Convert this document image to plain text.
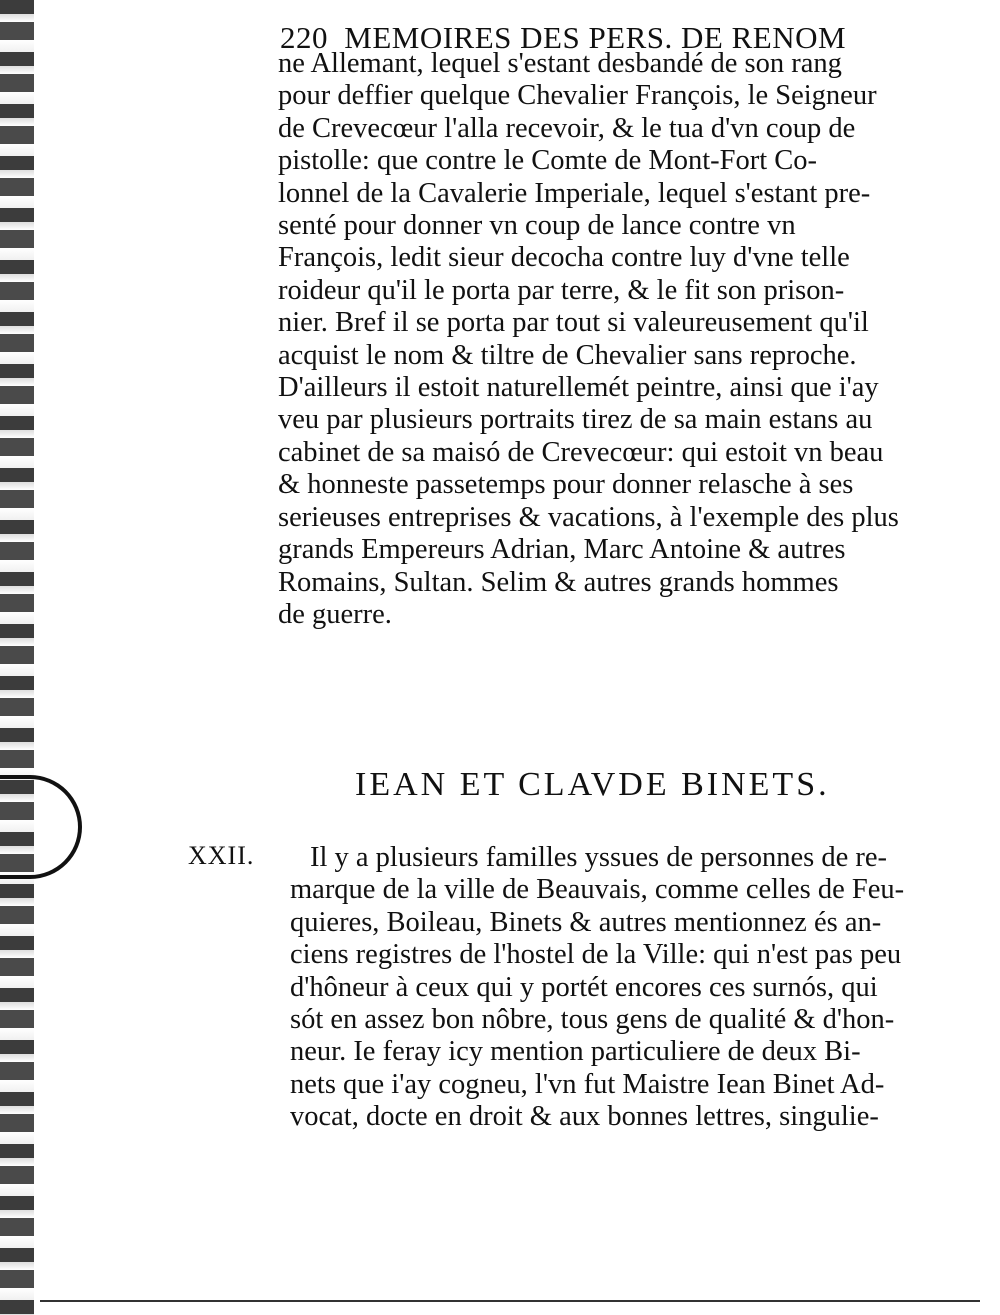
220 MEMOIRES DES PERS. DE RENOM
ne Allemant, lequel s'estant desbandé de son rang
pour deffier quelque Chevalier François, le Seigneur
de Crevecœur l'alla recevoir, & le tua d'vn coup de
pistolle: que contre le Comte de Mont-Fort Co-
lonnel de la Cavalerie Imperiale, lequel s'estant pre-
senté pour donner vn coup de lance contre vn
François, ledit sieur decocha contre luy d'vne telle
roideur qu'il le porta par terre, & le fit son prison-
nier. Bref il se porta par tout si valeureusement qu'il
acquist le nom & tiltre de Chevalier sans reproche.
D'ailleurs il estoit naturellemét peintre, ainsi que i'ay
veu par plusieurs portraits tirez de sa main estans au
cabinet de sa maisó de Crevecœur: qui estoit vn beau
& honneste passetemps pour donner relasche à ses
serieuses entreprises & vacations, à l'exemple des plus
grands Empereurs Adrian, Marc Antoine & autres
Romains, Sultan. Selim & autres grands hommes
de guerre.
IEAN ET CLAVDE BINETS.
XXII.	Il y a plusieurs familles yssues de personnes de re-
marque de la ville de Beauvais, comme celles de Feu-
quieres, Boileau, Binets & autres mentionnez és an-
ciens registres de l'hostel de la Ville: qui n'est pas peu
d'hôneur à ceux qui y portét encores ces surnós, qui
sót en assez bon nôbre, tous gens de qualité & d'hon-
neur. Ie feray icy mention particuliere de deux Bi-
nets que i'ay cogneu, l'vn fut Maistre Iean Binet Ad-
vocat, docte en droit & aux bonnes lettres, singulie-
